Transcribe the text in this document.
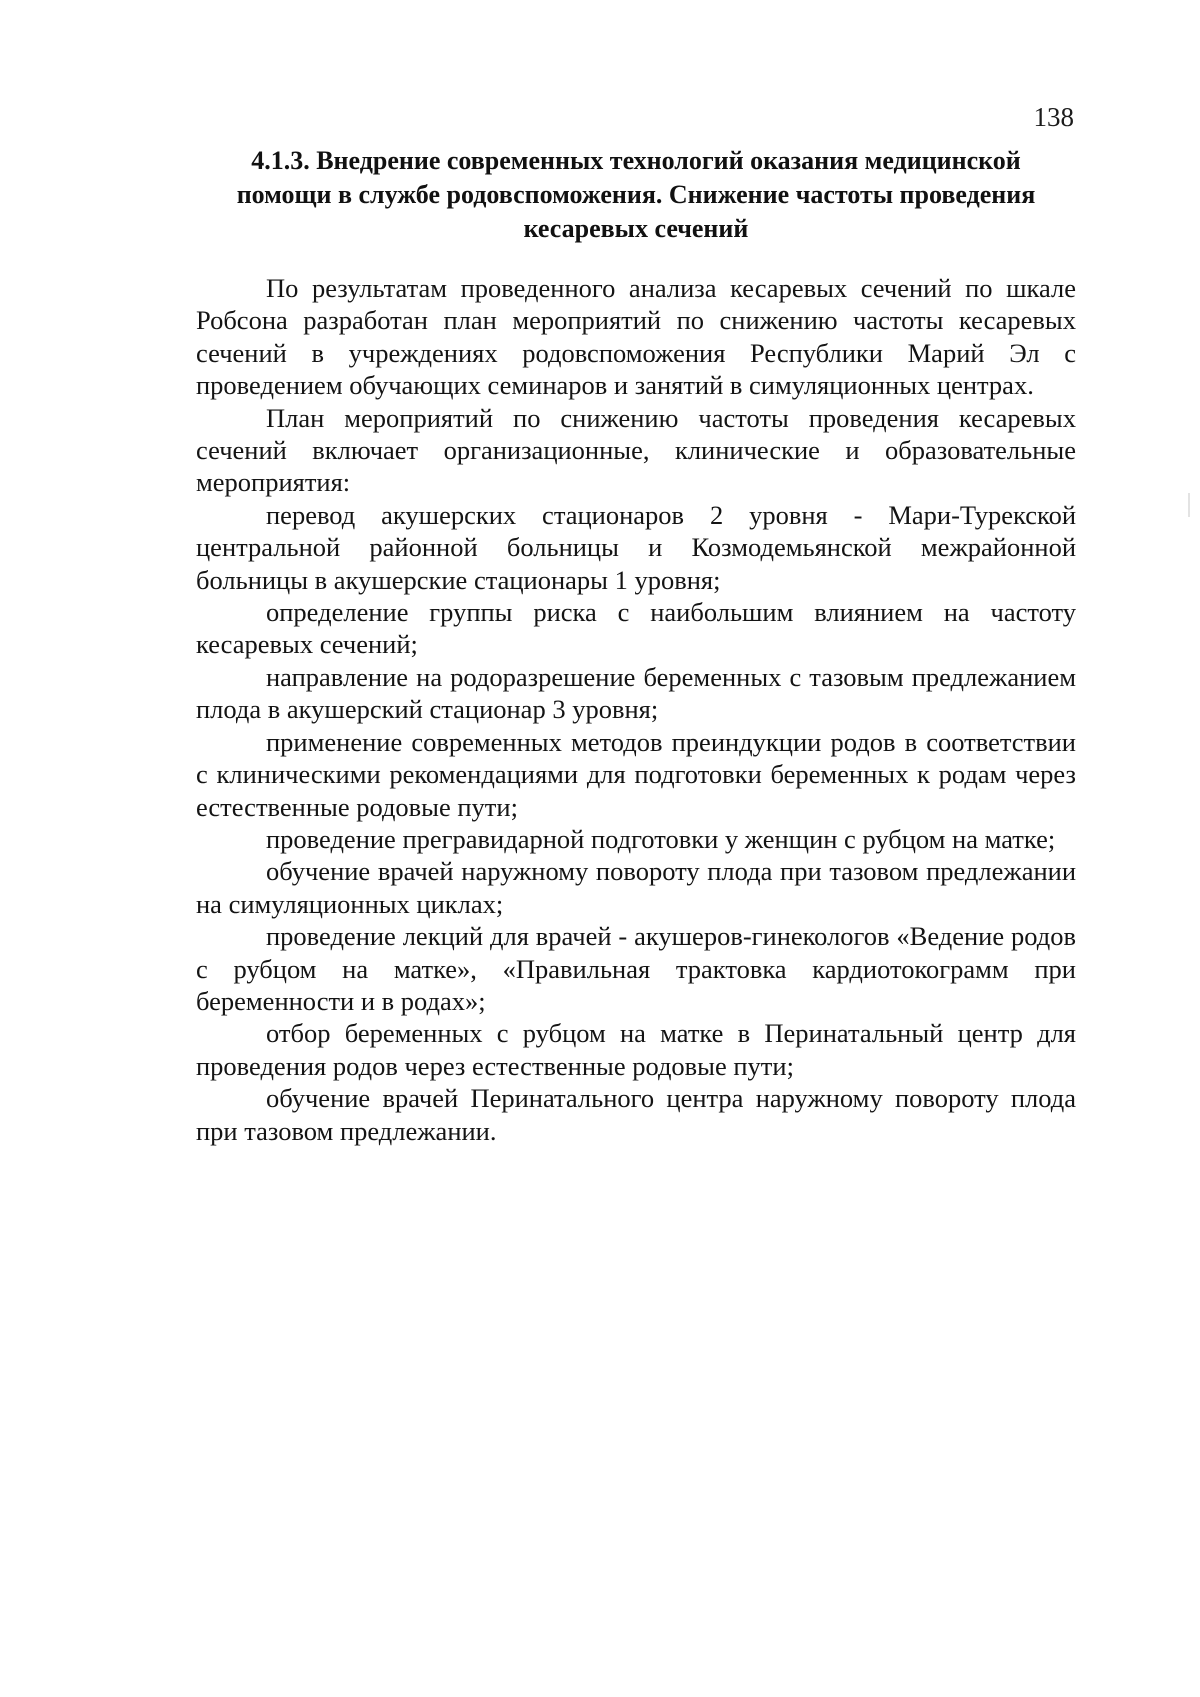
138
4.1.3. Внедрение современных технологий оказания медицинской
помощи в службе родовспоможения. Снижение частоты проведения
кесаревых сечений

По результатам проведенного анализа кесаревых сечений по шкале Робсона разработан план мероприятий по снижению частоты кесаревых сечений в учреждениях родовспоможения Республики Марий Эл с проведением обучающих семинаров и занятий в симуляционных центрах.

План мероприятий по снижению частоты проведения кесаревых сечений включает организационные, клинические и образовательные мероприятия:

перевод акушерских стационаров 2 уровня - Мари-Турекской центральной районной больницы и Козмодемьянской межрайонной больницы в акушерские стационары 1 уровня;

определение группы риска с наибольшим влиянием на частоту кесаревых сечений;

направление на родоразрешение беременных с тазовым предлежанием плода в акушерский стационар 3 уровня;

применение современных методов преиндукции родов в соответствии с клиническими рекомендациями для подготовки беременных к родам через естественные родовые пути;

проведение прегравидарной подготовки у женщин с рубцом на матке;

обучение врачей наружному повороту плода при тазовом предлежании на симуляционных циклах;

проведение лекций для врачей - акушеров-гинекологов «Ведение родов с рубцом на матке», «Правильная трактовка кардиотокограмм при беременности и в родах»;

отбор беременных с рубцом на матке в Перинатальный центр для проведения родов через естественные родовые пути;

обучение врачей Перинатального центра наружному повороту плода при тазовом предлежании.
